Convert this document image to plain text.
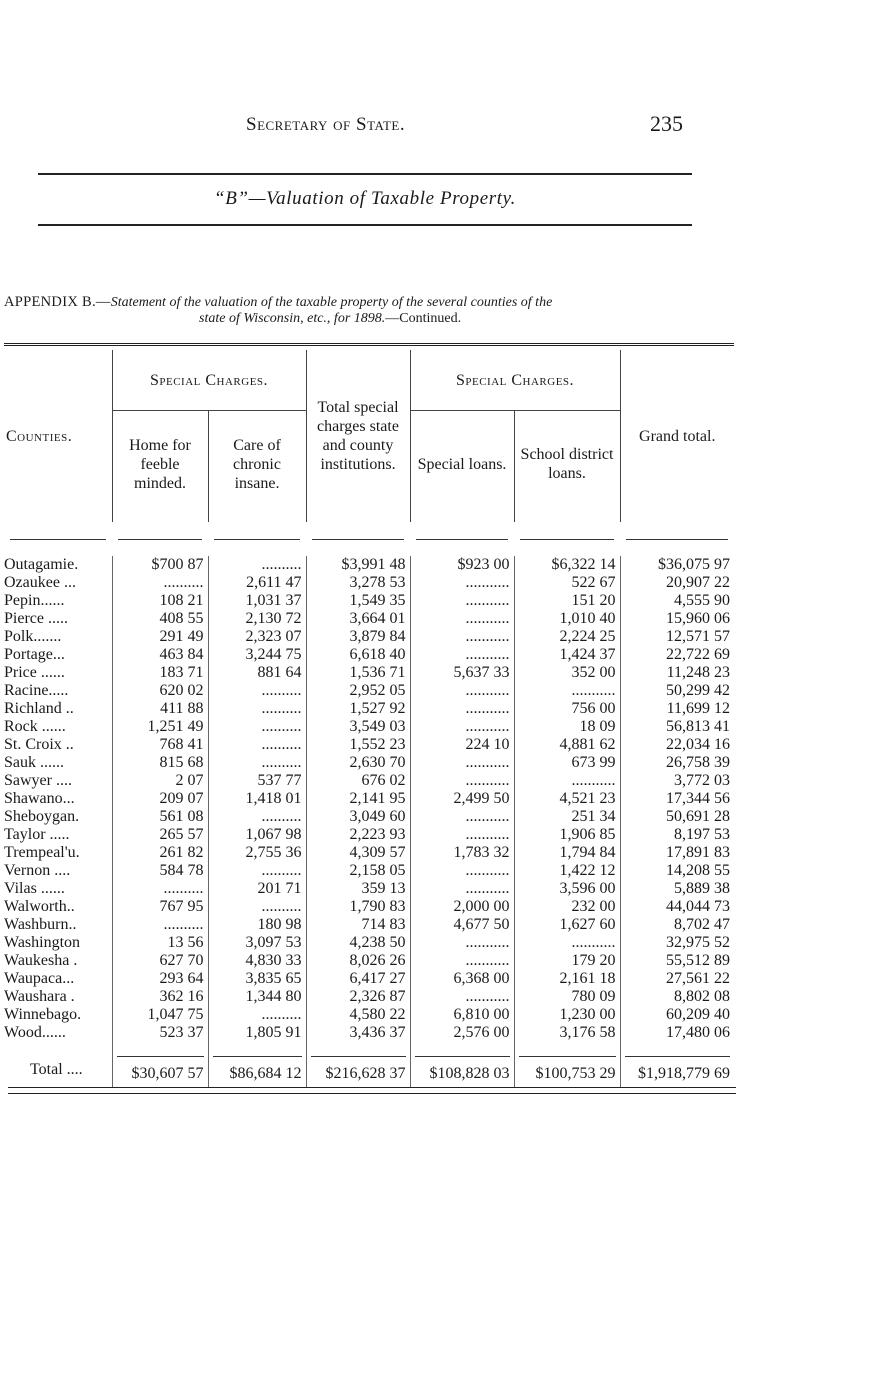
Secretary of State.	235
“B”—Valuation of Taxable Property.
APPENDIX B.—Statement of the valuation of the taxable property of the several counties of the
state of Wisconsin, etc., for 1898.—Continued.

Counties.	Special Charges.		Total special charges state and county institutions.	Special Charges.		Grand total.
	Home for feeble minded.	Care of chronic insane.		Special loans.	School district loans.	

Outagamie.	$700 87	..........	$3,991 48	$923 00	$6,322 14	$36,075 97
Ozaukee ...	..........	2,611 47	3,278 53	...........	522 67	20,907 22
Pepin......	108 21	1,031 37	1,549 35	...........	151 20	4,555 90
Pierce .....	408 55	2,130 72	3,664 01	...........	1,010 40	15,960 06
Polk.......	291 49	2,323 07	3,879 84	...........	2,224 25	12,571 57
Portage...	463 84	3,244 75	6,618 40	...........	1,424 37	22,722 69
Price ......	183 71	881 64	1,536 71	5,637 33	352 00	11,248 23
Racine.....	620 02	..........	2,952 05	...........	...........	50,299 42
Richland ..	411 88	..........	1,527 92	...........	756 00	11,699 12
Rock ......	1,251 49	..........	3,549 03	...........	18 09	56,813 41
St. Croix ..	768 41	..........	1,552 23	224 10	4,881 62	22,034 16
Sauk ......	815 68	..........	2,630 70	...........	673 99	26,758 39
Sawyer ....	2 07	537 77	676 02	...........	...........	3,772 03
Shawano...	209 07	1,418 01	2,141 95	2,499 50	4,521 23	17,344 56
Sheboygan.	561 08	..........	3,049 60	...........	251 34	50,691 28
Taylor .....	265 57	1,067 98	2,223 93	...........	1,906 85	8,197 53
Trempeal'u.	261 82	2,755 36	4,309 57	1,783 32	1,794 84	17,891 83
Vernon ....	584 78	..........	2,158 05	...........	1,422 12	14,208 55
Vilas ......	..........	201 71	359 13	...........	3,596 00	5,889 38
Walworth..	767 95	..........	1,790 83	2,000 00	232 00	44,044 73
Washburn..	..........	180 98	714 83	4,677 50	1,627 60	8,702 47
Washington	13 56	3,097 53	4,238 50	...........	...........	32,975 52
Waukesha .	627 70	4,830 33	8,026 26	...........	179 20	55,512 89
Waupaca...	293 64	3,835 65	6,417 27	6,368 00	2,161 18	27,561 22
Waushara .	362 16	1,344 80	2,326 87	...........	780 09	8,802 08
Winnebago.	1,047 75	..........	4,580 22	6,810 00	1,230 00	60,209 40
Wood......	523 37	1,805 91	3,436 37	2,576 00	3,176 58	17,480 06
Total ....	$30,607 57	$86,684 12	$216,628 37	$108,828 03	$100,753 29	$1,918,779 69
